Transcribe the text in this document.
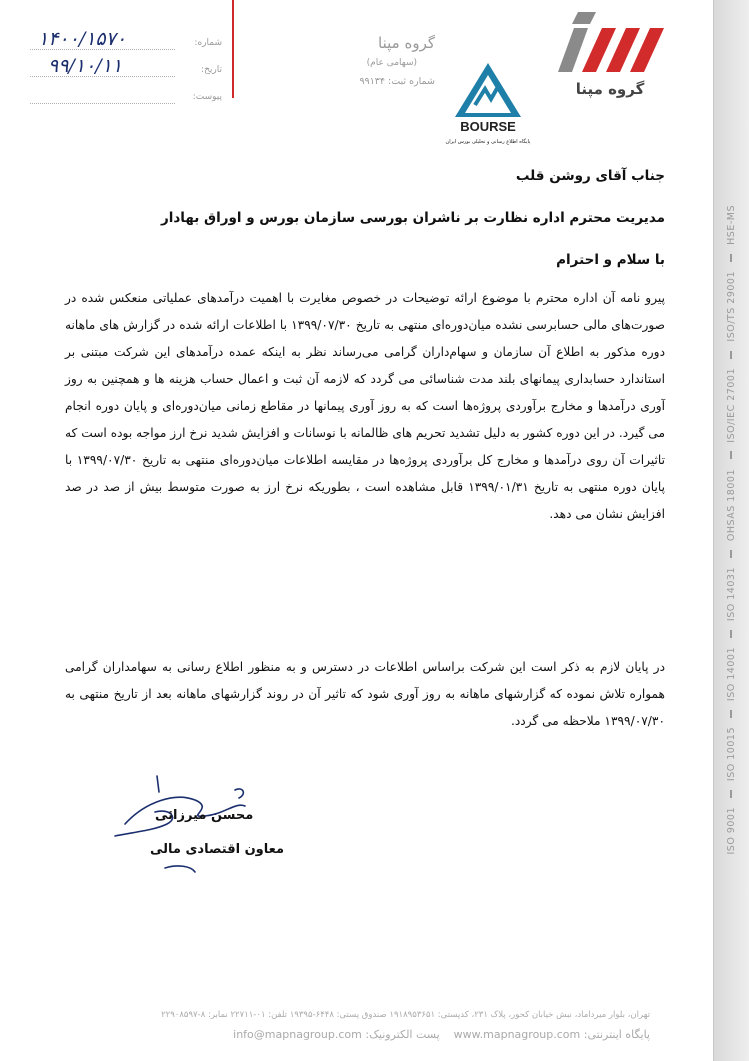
HSE-MS
ISO/TS 29001
ISO/IEC 27001
OHSAS 18001
ISO 14031
ISO 14001
ISO 10015
ISO 9001
۱۴۰۰/۱۵۷۰	شماره:
۹۹/۱۰/۱۱	تاریخ:
پیوست:
گروه مپنا
(سهامی عام)
شماره ثبت: ۹۹۱۳۴
BOURSE
پایگاه اطلاع رسانی و تحلیلی بورس ایران
گروه مپنا
جناب آقای روشن قلب
مدیریت محترم اداره نظارت بر ناشران بورسی سازمان بورس و اوراق بهادار
با سلام و احترام
پیرو نامه آن اداره محترم با موضوع ارائه توضیحات در خصوص مغایرت با اهمیت درآمدهای عملیاتی منعکس شده در صورت‌های مالی حسابرسی نشده میان‌دوره‌ای منتهی به تاریخ ۱۳۹۹/۰۷/۳۰ با اطلاعات ارائه شده در گزارش های ماهانه دوره مذکور به اطلاع آن سازمان و سهام‌داران گرامی می‌رساند نظر به اینکه عمده درآمدهای این شرکت مبتنی بر استاندارد حسابداری پیمانهای بلند مدت شناسائی می گردد که لازمه آن ثبت و اعمال حساب هزینه ها و همچنین به روز آوری درآمدها و مخارج برآوردی پروژه‌ها است که به روز آوری پیمانها در مقاطع زمانی میان‌دوره‌ای و پایان دوره انجام می گیرد. در این دوره کشور به دلیل تشدید تحریم های ظالمانه با نوسانات و افزایش شدید نرخ ارز مواجه بوده است که تاثیرات آن روی درآمدها و مخارج کل برآوردی پروژه‌ها در مقایسه اطلاعات میان‌دوره‌ای منتهی به تاریخ ۱۳۹۹/۰۷/۳۰ با پایان دوره منتهی به تاریخ ۱۳۹۹/۰۱/۳۱ قابل مشاهده است ، بطوریکه نرخ ارز به صورت متوسط بیش از صد در صد افزایش نشان می دهد.
در پایان لازم به ذکر است این شرکت براساس اطلاعات در دسترس و به منظور اطلاع رسانی به سهامداران گرامی همواره تلاش نموده که گزارشهای ماهانه به روز آوری شود که تاثیر آن در روند گزارشهای ماهانه بعد از تاریخ منتهی به ۱۳۹۹/۰۷/۳۰ ملاحظه می گردد.
محسن میرزائی
معاون اقتصادی مالی
تهران، بلوار میرداماد، نبش خیابان کحور، پلاک ۲۳۱، کدپستی: ۱۹۱۸۹۵۳۶۵۱ صندوق پستی: ۶۴۴۸-۱۹۳۹۵ تلفن: ۰۱-۲۲۷۱۱ نمابر: ۸-۲۲۹۰۸۵۹۷
پایگاه اینترنتی: www.mapnagroup.com    پست الکترونیک: info@mapnagroup.com
